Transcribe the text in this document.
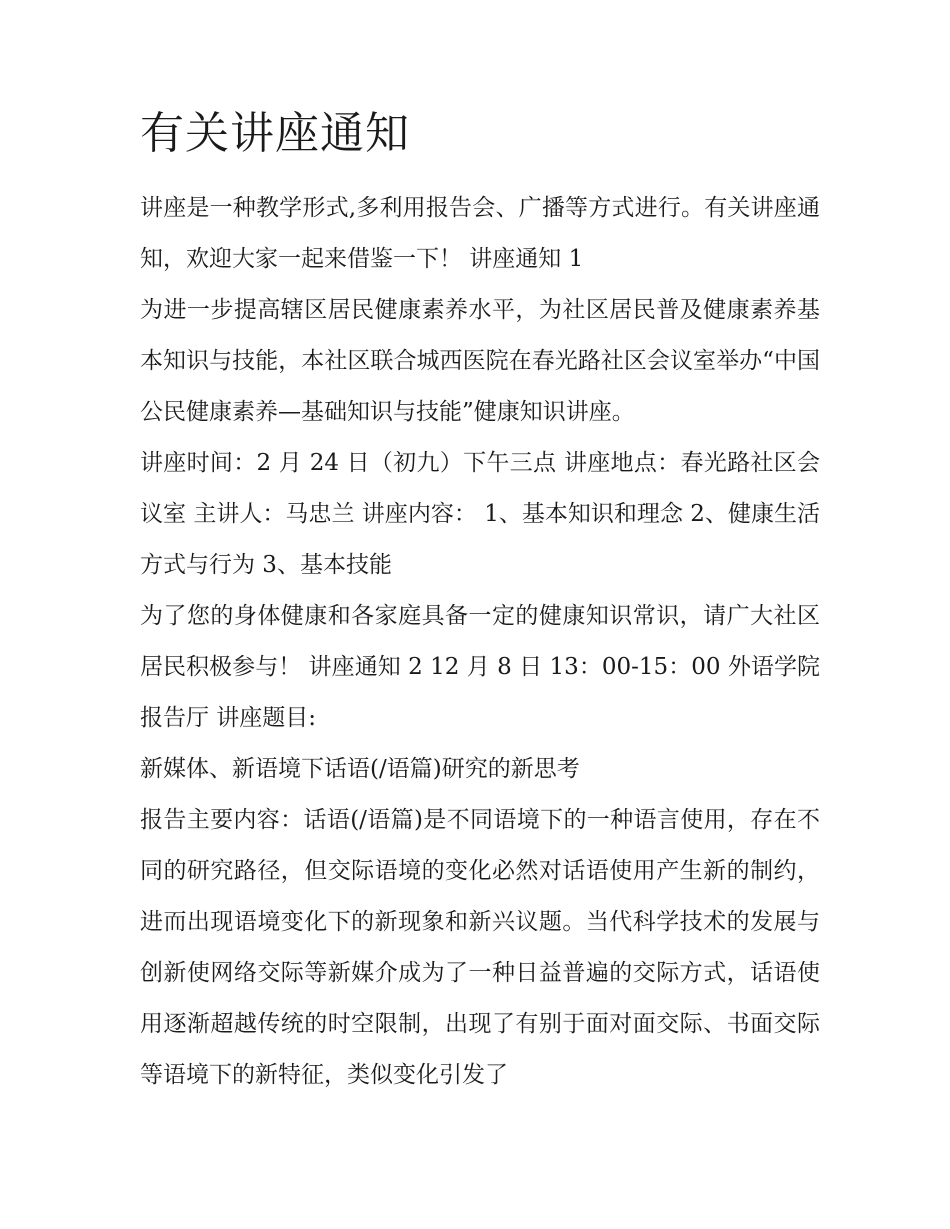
有关讲座通知

讲座是一种教学形式,多利用报告会、广播等方式进行。有关讲座通知，欢迎大家一起来借鉴一下！ 讲座通知 1

为进一步提高辖区居民健康素养水平，为社区居民普及健康素养基本知识与技能，本社区联合城西医院在春光路社区会议室举办“中国公民健康素养—基础知识与技能”健康知识讲座。

讲座时间：2 月 24 日（初九）下午三点 讲座地点：春光路社区会议室 主讲人：马忠兰 讲座内容： 1、基本知识和理念 2、健康生活方式与行为 3、基本技能

为了您的身体健康和各家庭具备一定的健康知识常识，请广大社区居民积极参与！ 讲座通知 2 12 月 8 日 13：00-15：00 外语学院报告厅 讲座题目:

新媒体、新语境下话语(/语篇)研究的新思考

报告主要内容：话语(/语篇)是不同语境下的一种语言使用，存在不同的研究路径，但交际语境的变化必然对话语使用产生新的制约，进而出现语境变化下的新现象和新兴议题。当代科学技术的发展与创新使网络交际等新媒介成为了一种日益普遍的交际方式，话语使用逐渐超越传统的时空限制，出现了有别于面对面交际、书面交际等语境下的新特征，类似变化引发了
